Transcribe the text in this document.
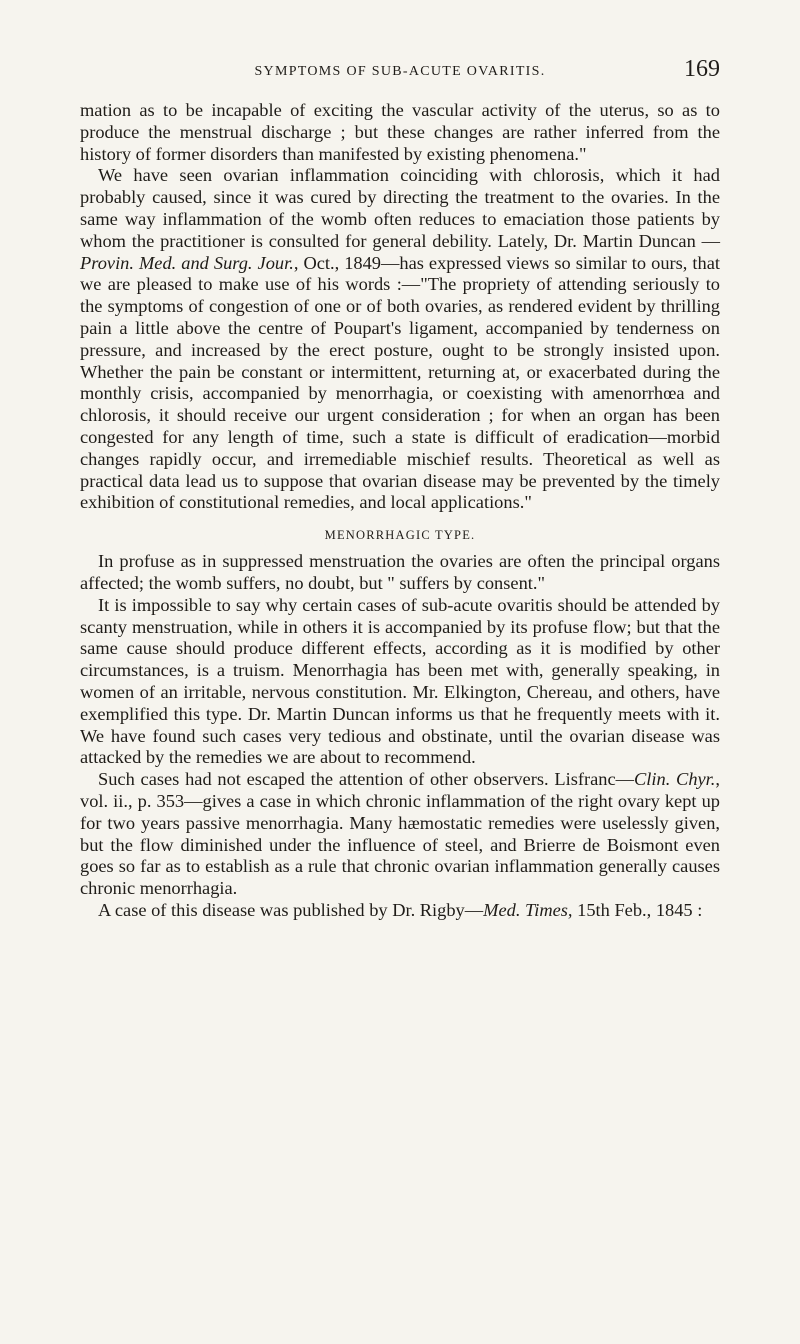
SYMPTOMS OF SUB-ACUTE OVARITIS.	169

mation as to be incapable of exciting the vascular activity of the uterus, so as to produce the menstrual discharge ; but these changes are rather inferred from the history of former disorders than manifested by existing phenomena."

We have seen ovarian inflammation coinciding with chlorosis, which it had probably caused, since it was cured by directing the treatment to the ovaries. In the same way inflammation of the womb often reduces to emaciation those patients by whom the practitioner is consulted for general debility. Lately, Dr. Martin Duncan —Provin. Med. and Surg. Jour., Oct., 1849—has expressed views so similar to ours, that we are pleased to make use of his words :—"The propriety of attending seriously to the symptoms of congestion of one or of both ovaries, as rendered evident by thrilling pain a little above the centre of Poupart's ligament, accompanied by tenderness on pressure, and increased by the erect posture, ought to be strongly insisted upon. Whether the pain be constant or intermittent, returning at, or exacerbated during the monthly crisis, accompanied by menorrhagia, or coexisting with amenorrhœa and chlorosis, it should receive our urgent consideration ; for when an organ has been congested for any length of time, such a state is difficult of eradication—morbid changes rapidly occur, and irremediable mischief results. Theoretical as well as practical data lead us to suppose that ovarian disease may be prevented by the timely exhibition of constitutional remedies, and local applications."

MENORRHAGIC TYPE.

In profuse as in suppressed menstruation the ovaries are often the principal organs affected; the womb suffers, no doubt, but " suffers by consent."

It is impossible to say why certain cases of sub-acute ovaritis should be attended by scanty menstruation, while in others it is accompanied by its profuse flow; but that the same cause should produce different effects, according as it is modified by other circumstances, is a truism. Menorrhagia has been met with, generally speaking, in women of an irritable, nervous constitution. Mr. Elkington, Chereau, and others, have exemplified this type. Dr. Martin Duncan informs us that he frequently meets with it. We have found such cases very tedious and obstinate, until the ovarian disease was attacked by the remedies we are about to recommend.

Such cases had not escaped the attention of other observers. Lisfranc—Clin. Chyr., vol. ii., p. 353—gives a case in which chronic inflammation of the right ovary kept up for two years passive menorrhagia. Many hæmostatic remedies were uselessly given, but the flow diminished under the influence of steel, and Brierre de Boismont even goes so far as to establish as a rule that chronic ovarian inflammation generally causes chronic menorrhagia.

A case of this disease was published by Dr. Rigby—Med. Times, 15th Feb., 1845 :
